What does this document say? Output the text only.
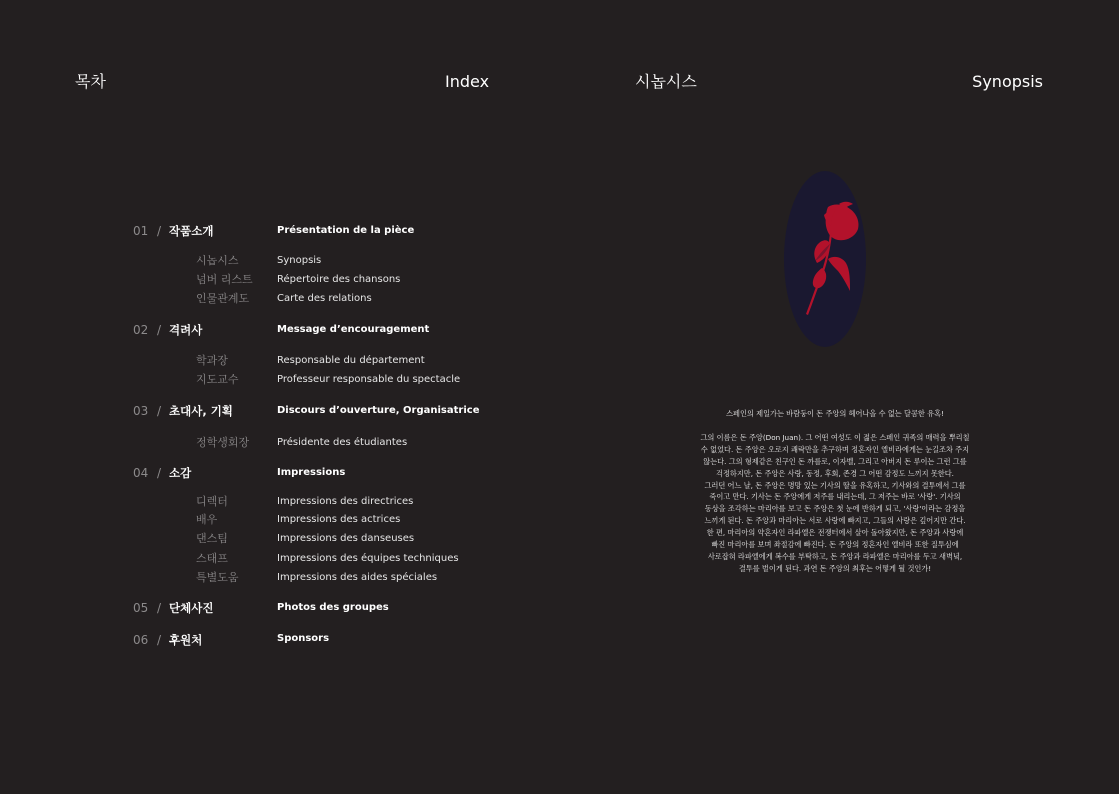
목차	Index	시놉시스	Synopsis
01 / 작품소개	Présentation de la pièce
시놉시스	Synopsis
넘버 리스트 Répertoire des chansons
인물관계도	Carte des relations
02 / 격려사	Message d’encouragement
학과장	Responsable du département
지도교수	Professeur responsable du spectacle
03 / 초대사, 기획	Discours d’ouverture, Organisatrice
정학생회장	Présidente des étudiantes
04 / 소감	Impressions
디렉터	Impressions des directrices
배우	Impressions des actrices
댄스팀	Impressions des danseuses
스태프	Impressions des équipes techniques
특별도움	Impressions des aides spéciales
05 / 단체사진	Photos des groupes
06 / 후원처	Sponsors

스페인의 제일가는 바람둥이 돈 주앙의 헤어나올 수 없는 달콤한 유혹!

그의 이름은 돈 주앙(Don Juan). 그 어떤 여성도 이 젊은 스페인 귀족의 매력을 뿌리칠
수 없었다. 돈 주앙은 오로지 쾌락만을 추구하며 정혼자인 엘비라에게는 눈길조차 주지
않는다. 그의 형제같은 친구인 돈 까를로, 이자벨, 그리고 아버지 돈 루이는 그런 그를
걱정하지만, 돈 주앙은 사랑, 동정, 후회, 존경 그 어떤 감정도 느끼지 못한다.
그러던 어느 날, 돈 주앙은 명망 있는 기사의 딸을 유혹하고, 기사와의 결투에서 그를
죽이고 만다. 기사는 돈 주앙에게 저주를 내리는데, 그 저주는 바로 '사랑'. 기사의
동상을 조각하는 마리아를 보고 돈 주앙은 첫 눈에 반하게 되고, '사랑'이라는 감정을
느끼게 된다. 돈 주앙과 마리아는 서로 사랑에 빠지고, 그들의 사랑은 깊어지만 간다.
한 편, 마리아의 약혼자인 라파엘은 전쟁터에서 살아 돌아왔지만, 돈 주앙과 사랑에
빠진 마리아를 보며 좌절감에 빠진다. 돈 주앙의 정혼자인 엘비라 또한 질투심에
사로잡혀 라파엘에게 복수를 부탁하고, 돈 주앙과 라파엘은 마리아를 두고 새벽녘,
결투를 벌이게 된다. 과연 돈 주앙의 최후는 어떻게 될 것인가!
